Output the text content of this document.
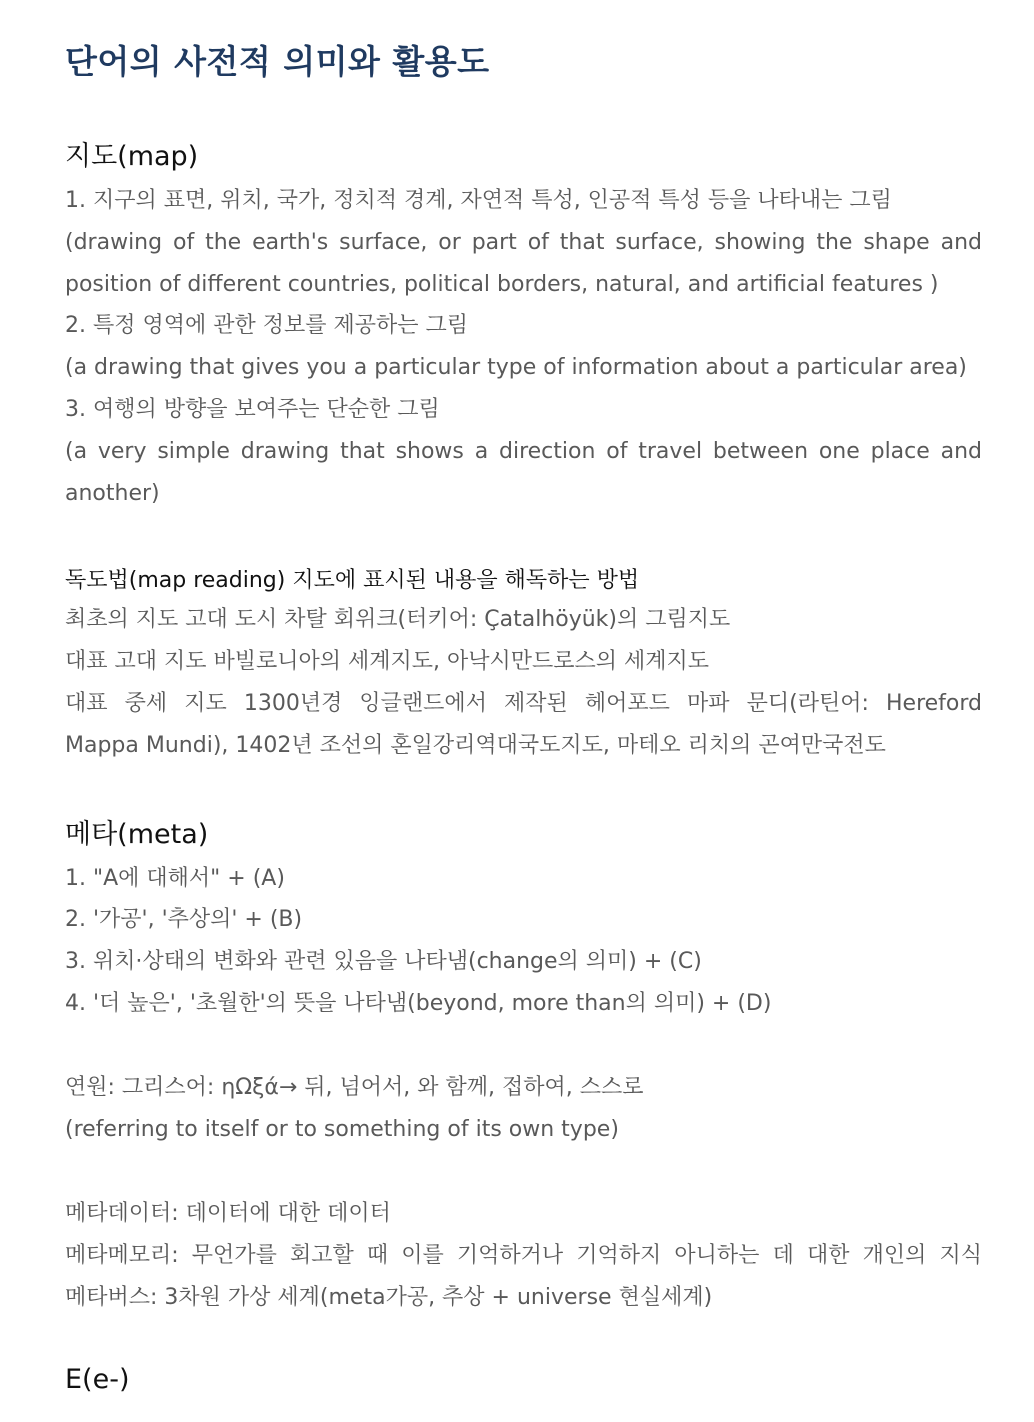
단어의 사전적 의미와 활용도
지도(map)

1. 지구의 표면, 위치, 국가, 정치적 경계, 자연적 특성, 인공적 특성 등을 나타내는 그림

(drawing of the earth's surface, or part of that surface, showing the shape and

position of different countries, political borders, natural, and artificial features )

2. 특정 영역에 관한 정보를 제공하는 그림

(a drawing that gives you a particular type of information about a particular area)

3. 여행의 방향을 보여주는 단순한 그림

(a very simple drawing that shows a direction of travel between one place and

another)

독도법(map reading) 지도에 표시된 내용을 해독하는 방법

최초의 지도 고대 도시 차탈 회위크(터키어: Çatalhöyük)의 그림지도

대표 고대 지도 바빌로니아의 세계지도, 아낙시만드로스의 세계지도

대표 중세 지도 1300년경 잉글랜드에서 제작된 헤어포드 마파 문디(라틴어: Hereford

Mappa Mundi), 1402년 조선의 혼일강리역대국도지도, 마테오 리치의 곤여만국전도

메타(meta)

1. "A에 대해서" + (A)

2. '가공', '추상의' + (B)

3. 위치⋅상태의 변화와 관련 있음을 나타냄(change의 의미) + (C)

4. '더 높은', '초월한'의 뜻을 나타냄(beyond, more than의 의미) + (D)

연원: 그리스어: ηΩξά→ 뒤, 넘어서, 와 함께, 접하여, 스스로

(referring to itself or to something of its own type)

메타데이터: 데이터에 대한 데이터

메타메모리: 무언가를 회고할 때 이를 기억하거나 기억하지 아니하는 데 대한 개인의 지식

메타버스: 3차원 가상 세계(meta가공, 추상 + universe 현실세계)

E(e-)
